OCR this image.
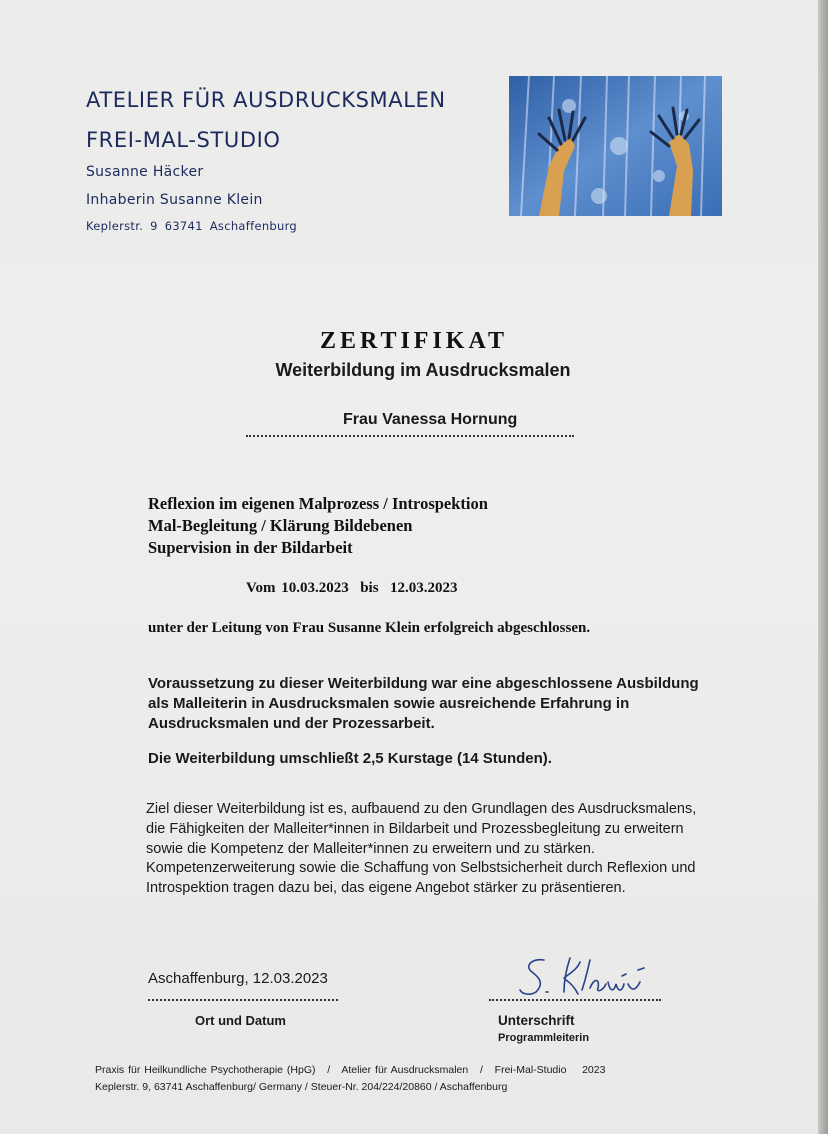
ATELIER FÜR AUSDRUCKSMALEN
FREI-MAL-STUDIO
Susanne Häcker
Inhaberin Susanne Klein
Keplerstr. 9 63741 Aschaffenburg
ZERTIFIKAT
Weiterbildung im Ausdrucksmalen
Frau Vanessa Hornung
Reflexion im eigenen Malprozess / Introspektion
Mal-Begleitung / Klärung Bildebenen
Supervision in der Bildarbeit
Vom 10.03.2023  bis  12.03.2023
unter der Leitung von Frau Susanne Klein erfolgreich abgeschlossen.
Voraussetzung zu dieser Weiterbildung war eine abgeschlossene Ausbildung als Malleiterin in Ausdrucksmalen sowie ausreichende Erfahrung in Ausdrucksmalen und der Prozessarbeit.
Die Weiterbildung umschließt 2,5 Kurstage (14 Stunden).
Ziel dieser Weiterbildung ist es, aufbauend zu den Grundlagen des Ausdrucksmalens, die Fähigkeiten der Malleiter*innen in Bildarbeit und Prozessbegleitung zu erweitern sowie die Kompetenz der Malleiter*innen zu erweitern und zu stärken. Kompetenzerweiterung sowie die Schaffung von Selbstsicherheit durch Reflexion und Introspektion tragen dazu bei, das eigene Angebot stärker zu präsentieren.
Aschaffenburg, 12.03.2023
Ort und Datum	Unterschrift
Programmleiterin
Praxis für Heilkundliche Psychotherapie (HpG)   /   Atelier für Ausdrucksmalen   /   Frei-Mal-Studio    2023
Keplerstr. 9, 63741 Aschaffenburg/ Germany / Steuer-Nr. 204/224/20860 / Aschaffenburg
